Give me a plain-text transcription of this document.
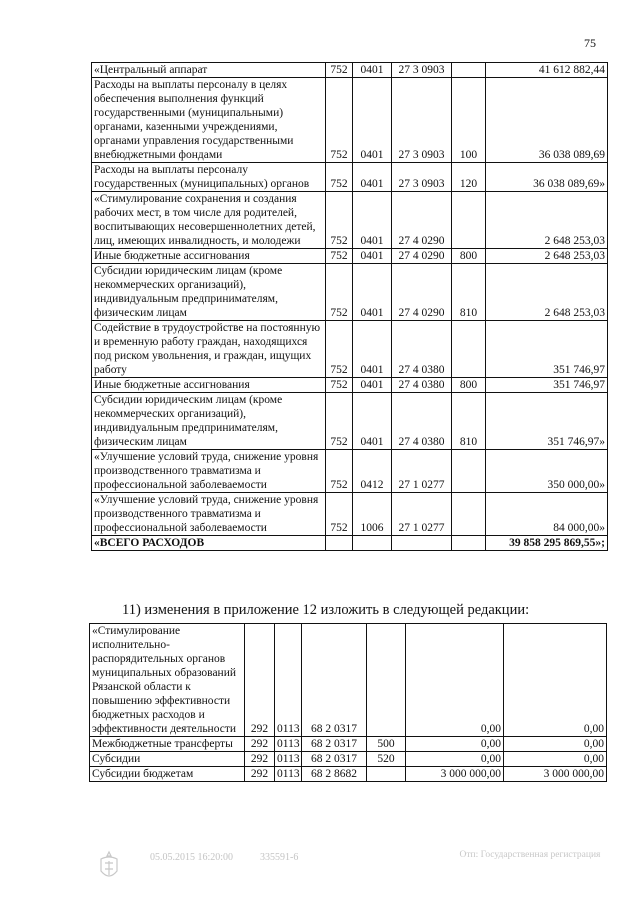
75
«Центральный аппарат	752	0401	27 3 0903		41 612 882,44
Расходы на выплаты персоналу в целях обеспечения выполнения функций государственными (муниципальными) органами, казенными учреждениями, органами управления государственными внебюджетными фондами	752	0401	27 3 0903	100	36 038 089,69
Расходы на выплаты персоналу государственных (муниципальных) органов	752	0401	27 3 0903	120	36 038 089,69»
«Стимулирование сохранения и создания рабочих мест, в том числе для родителей, воспитывающих несовершеннолетних детей, лиц, имеющих инвалидность, и молодежи	752	0401	27 4 0290		2 648 253,03
Иные бюджетные ассигнования	752	0401	27 4 0290	800	2 648 253,03
Субсидии юридическим лицам (кроме некоммерческих организаций), индивидуальным предпринимателям, физическим лицам	752	0401	27 4 0290	810	2 648 253,03
Содействие в трудоустройстве на постоянную и временную работу граждан, находящихся под риском увольнения, и граждан, ищущих работу	752	0401	27 4 0380		351 746,97
Иные бюджетные ассигнования	752	0401	27 4 0380	800	351 746,97
Субсидии юридическим лицам (кроме некоммерческих организаций), индивидуальным предпринимателям, физическим лицам	752	0401	27 4 0380	810	351 746,97»
«Улучшение условий труда, снижение уровня производственного травматизма и профессиональной заболеваемости	752	0412	27 1 0277		350 000,00»
«Улучшение условий труда, снижение уровня производственного травматизма и профессиональной заболеваемости	752	1006	27 1 0277		84 000,00»
«ВСЕГО РАСХОДОВ					39 858 295 869,55»;
11) изменения в приложение 12 изложить в следующей редакции:
«Стимулирование исполнительно-распорядительных органов муниципальных образований Рязанской области к повышению эффективности бюджетных расходов и эффективности деятельности	292	0113	68 2 0317		0,00	0,00
Межбюджетные трансферты	292	0113	68 2 0317	500	0,00	0,00
Субсидии	292	0113	68 2 0317	520	0,00	0,00
Субсидии бюджетам	292	0113	68 2 8682		3 000 000,00	3 000 000,00
05.05.2015 16:20:00	335591-6	Отп: Государственная регистрация
